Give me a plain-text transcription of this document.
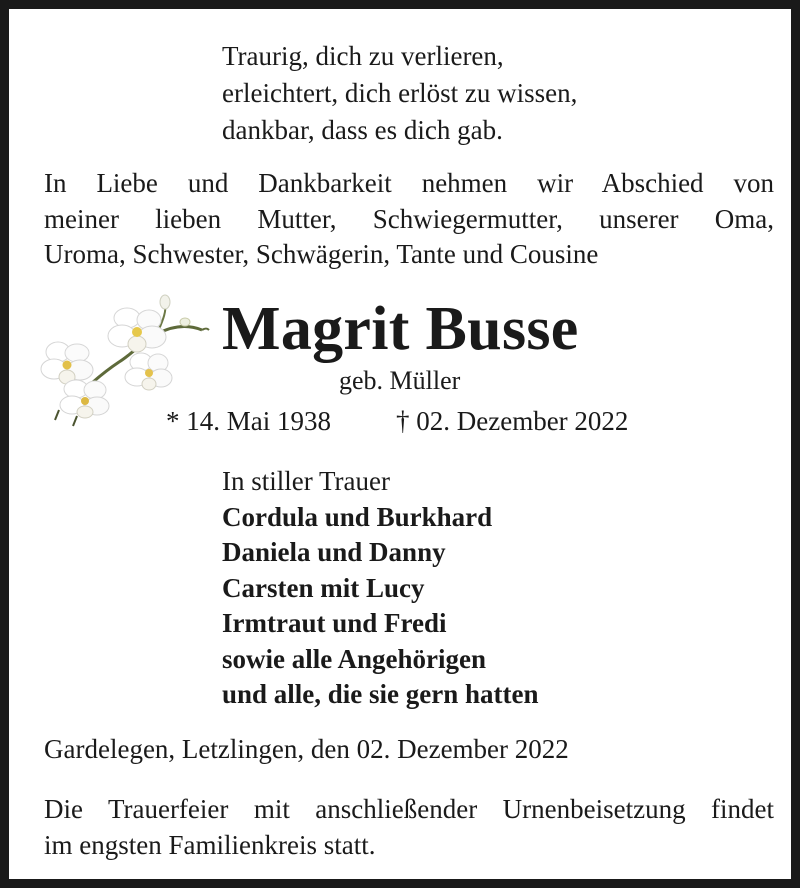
Traurig, dich zu verlieren,
erleichtert, dich erlöst zu wissen,
dankbar, dass es dich gab.
In Liebe und Dankbarkeit nehmen wir Abschied von
meiner lieben Mutter, Schwiegermutter, unserer Oma,
Uroma, Schwester, Schwägerin, Tante und Cousine
Magrit Busse
geb. Müller
* 14. Mai 1938 † 02. Dezember 2022
In stiller Trauer
Cordula und Burkhard
Daniela und Danny
Carsten mit Lucy
Irmtraut und Fredi
sowie alle Angehörigen
und alle, die sie gern hatten
Gardelegen, Letzlingen, den 02. Dezember 2022
Die Trauerfeier mit anschließender Urnenbeisetzung findet
im engsten Familienkreis statt.
